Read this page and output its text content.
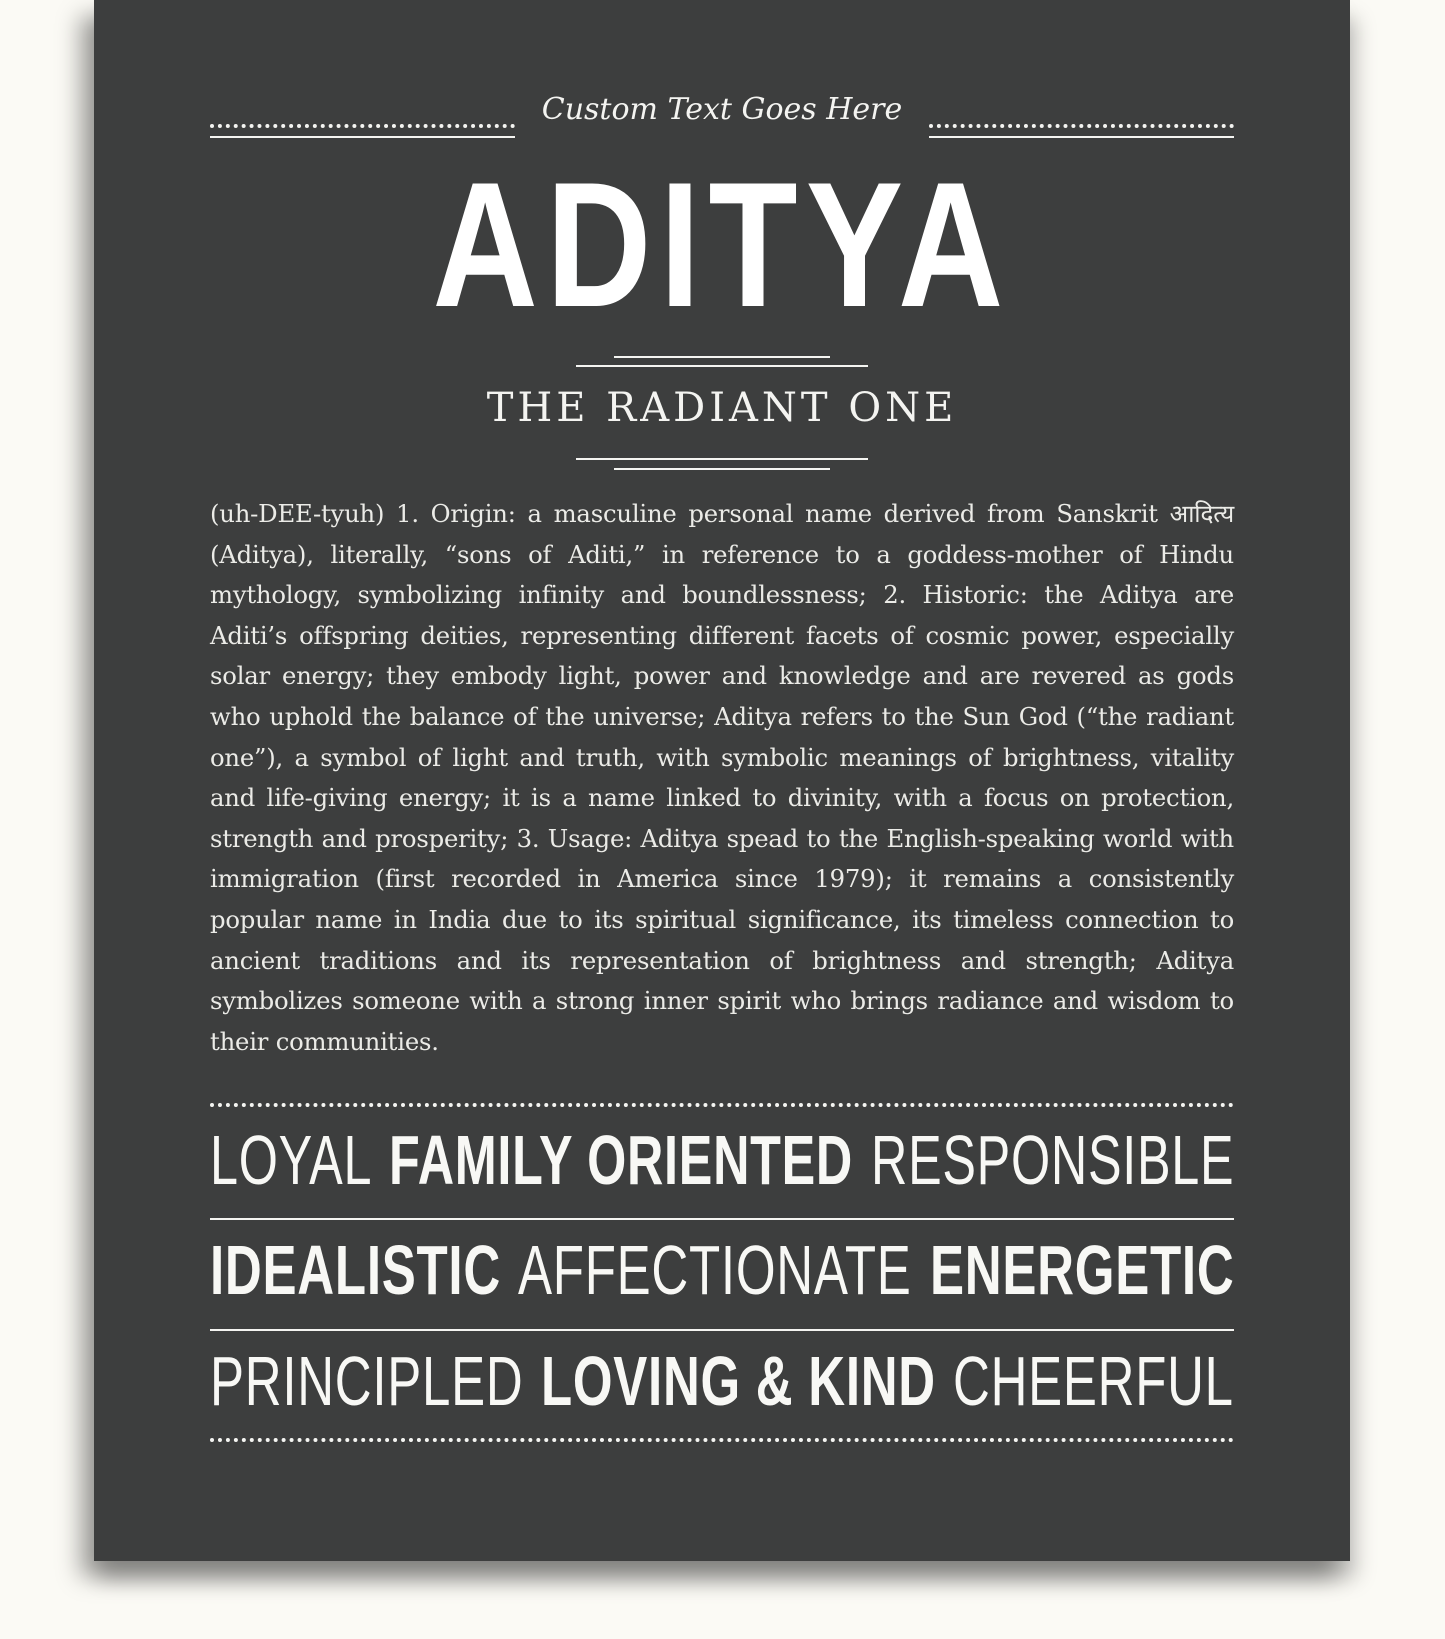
Custom Text Goes Here
ADITYA
THE RADIANT ONE
(uh-DEE-tyuh) 1. Origin: a masculine personal name derived from Sanskrit आदित्य (Aditya), literally, “sons of Aditi,” in reference to a goddess-mother of Hindu mythology, symbolizing infinity and boundlessness; 2. Historic: the Aditya are Aditi’s offspring deities, representing different facets of cosmic power, especially solar energy; they embody light, power and knowledge and are revered as gods who uphold the balance of the universe; Aditya refers to the Sun God (“the radiant one”), a symbol of light and truth, with symbolic meanings of brightness, vitality and life-giving energy; it is a name linked to divinity, with a focus on protection, strength and prosperity; 3. Usage: Aditya spead to the English-speaking world with immigration (first recorded in America since 1979); it remains a consistently popular name in India due to its spiritual significance, its timeless connection to ancient traditions and its representation of brightness and strength; Aditya symbolizes someone with a strong inner spirit who brings radiance and wisdom to their communities.
LOYAL FAMILY ORIENTED RESPONSIBLE
IDEALISTIC AFFECTIONATE ENERGETIC
PRINCIPLED LOVING & KIND CHEERFUL
